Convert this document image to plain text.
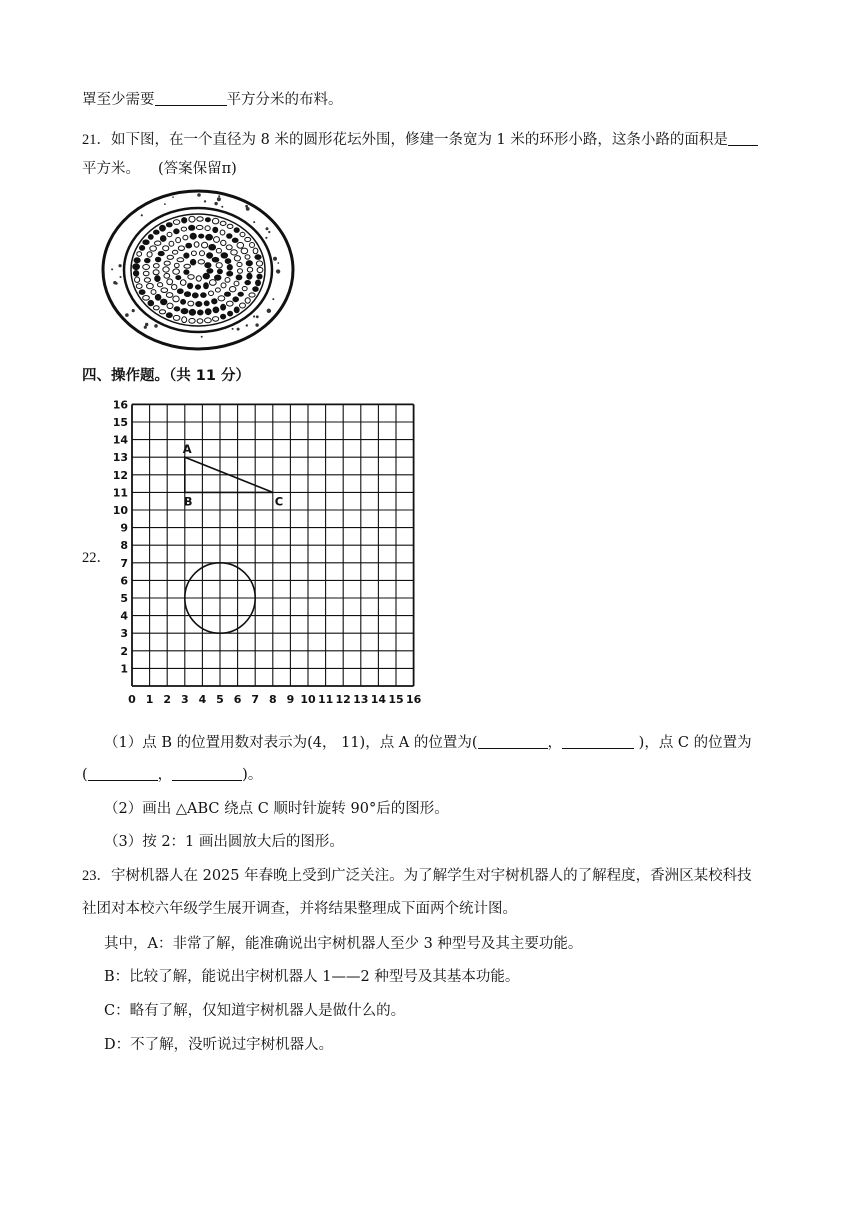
罩至少需要	平方分米的布料。
21．如下图，在一个直径为 8 米的圆形花坛外围，修建一条宽为 1 米的环形小路，这条小路的面积是
平方米。 (答案保留π)
四、操作题。（共 11 分）
22．
1
2
3
4
5
6
7
8
9
10
11
12
13
14
15
16
0 1 2 3 4 5 6 7 8 9 10 11 12 13 14 15 16
A
B	C
（1）点 B 的位置用数对表示为(4， 11)，点 A 的位置为(	，	)，点 C 的位置为
(	，	)。
（2）画出 △ABC 绕点 C 顺时针旋转 90°后的图形。
（3）按 2：1 画出圆放大后的图形。
23．宇树机器人在 2025 年春晚上受到广泛关注。为了解学生对宇树机器人的了解程度，香洲区某校科技
社团对本校六年级学生展开调查，并将结果整理成下面两个统计图。
其中，A：非常了解，能准确说出宇树机器人至少 3 种型号及其主要功能。
B：比较了解，能说出宇树机器人 1——2 种型号及其基本功能。
C：略有了解，仅知道宇树机器人是做什么的。
D：不了解，没听说过宇树机器人。
